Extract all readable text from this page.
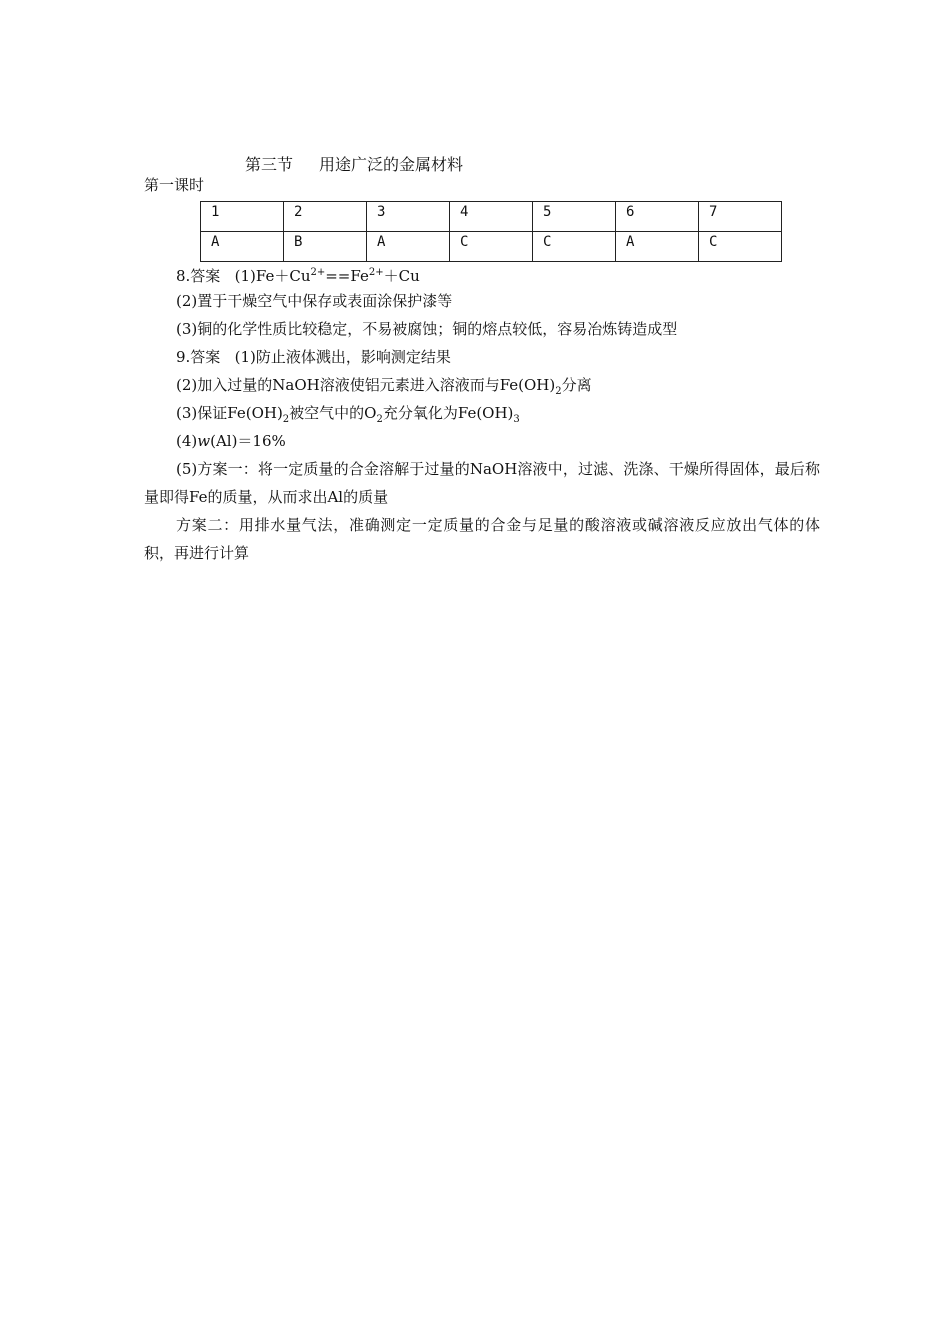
第三节 用途广泛的金属材料
第一课时
1	2	3	4	5	6	7
A	B	A	C	C	A	C
8.答案 $(1)Fe+Cu^{2+}==Fe^{2+}+Cu$
(2)置于干燥空气中保存或表面涂保护漆等
(3)铜的化学性质比较稳定，不易被腐蚀；铜的熔点较低，容易冶炼铸造成型
9.答案 (1)防止液体溅出，影响测定结果
(2)加入过量的NaOH溶液使铝元素进入溶液而与$Fe(OH)_2$分离
(3)保证$Fe(OH)_2$被空气中的$O_2$充分氧化为$Fe(OH)_3$
(4)w(Al)＝16%
(5)方案一：将一定质量的合金溶解于过量的NaOH溶液中，过滤、洗涤、干燥所得固体，最后称量即得Fe的质量，从而求出Al的质量
方案二：用排水量气法，准确测定一定质量的合金与足量的酸溶液或碱溶液反应放出气体的体积，再进行计算
